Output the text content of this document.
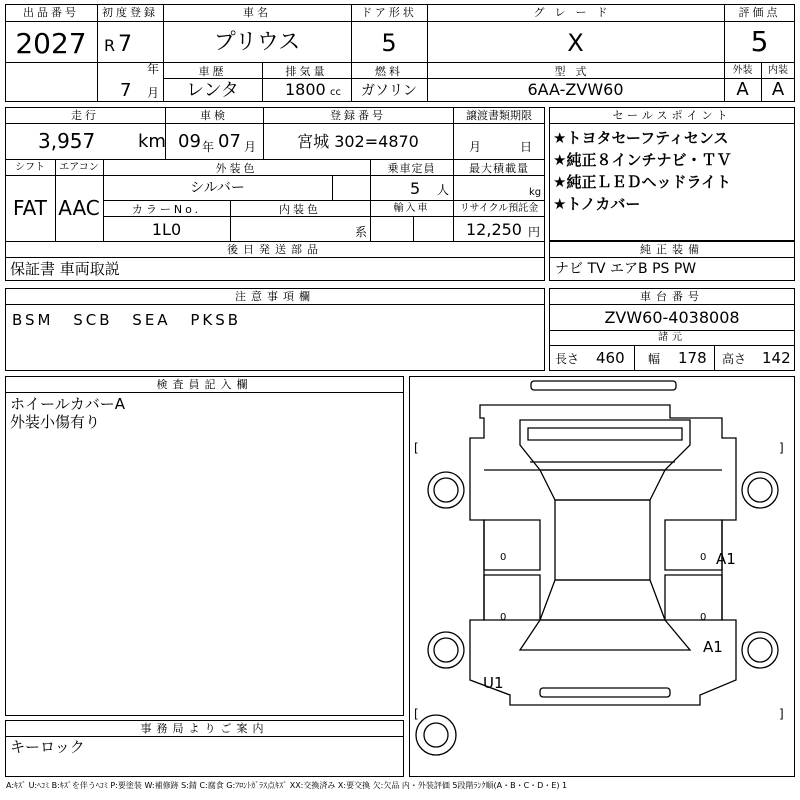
出品番号
2027
初度登録
R 7
年
7 月
車名
プリウス
ドア形状
5
グレード
X
評価点
5
車歴
レンタ
排気量
1800 cc
燃料
ガソリン
型式
6AA-ZVW60
外装	内装
A	A
走行
3,957 km
車検
09 年 07 月
登録番号
宮城 302=4870
譲渡書類期限
月	日
シフト
FAT
エアコン
AAC
外装色
シルバー
乗車定員
5 人
最大積載量
kg
カラーNo.
1L0
内装色
系
輸入車	リサイクル預託金
12,250 円
後日発送部品
保証書 車両取説
セールスポイント
★トヨタセーフティセンス
★純正８インチナビ・ＴＶ
★純正ＬＥＤヘッドライト
★トノカバー
純正装備
ナビ TV エアB PS PW
注意事項欄
BSM SCB SEA PKSB
車台番号
ZVW60-4038008
諸元
長さ 460 幅 178 高さ 142
検査員記入欄
ホイールカバーA
外装小傷有り
事務局よりご案内
キーロック
[	]
[	]
0
0
0
0
A1
A1
U1
A:ｷｽﾞ U:ﾍｺﾐ B:ｷｽﾞを伴うﾍｺﾐ P:要塗装 W:補修跡 S:錆 C:腐食 G:ﾌﾛﾝﾄｶﾞﾗｽ点ｷｽﾞ XX:交換済み X:要交換 欠:欠品 内・外装評価 5段階ﾗﾝｸ順(A・B・C・D・E) 1
